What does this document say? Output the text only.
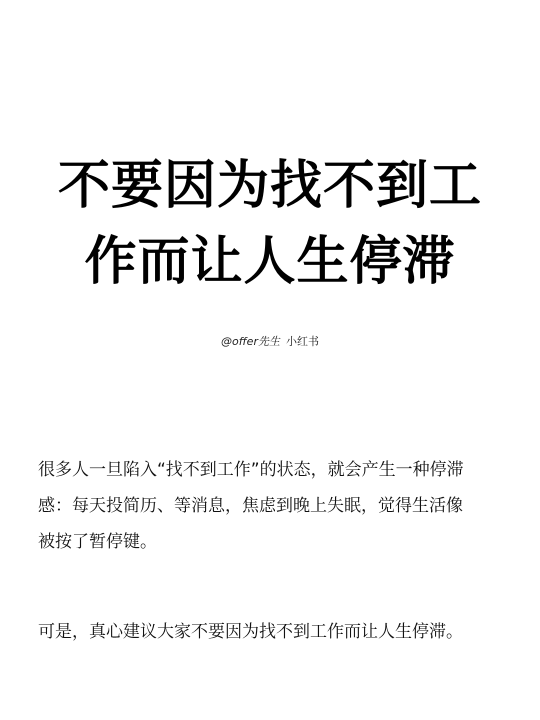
不要因为找不到工
作而让人生停滞
@offer先生 小红书
很多人一旦陷入“找不到工作”的状态，就会产生一种停滞
感：每天投简历、等消息，焦虑到晚上失眠，觉得生活像
被按了暂停键。
可是，真心建议大家不要因为找不到工作而让人生停滞。
